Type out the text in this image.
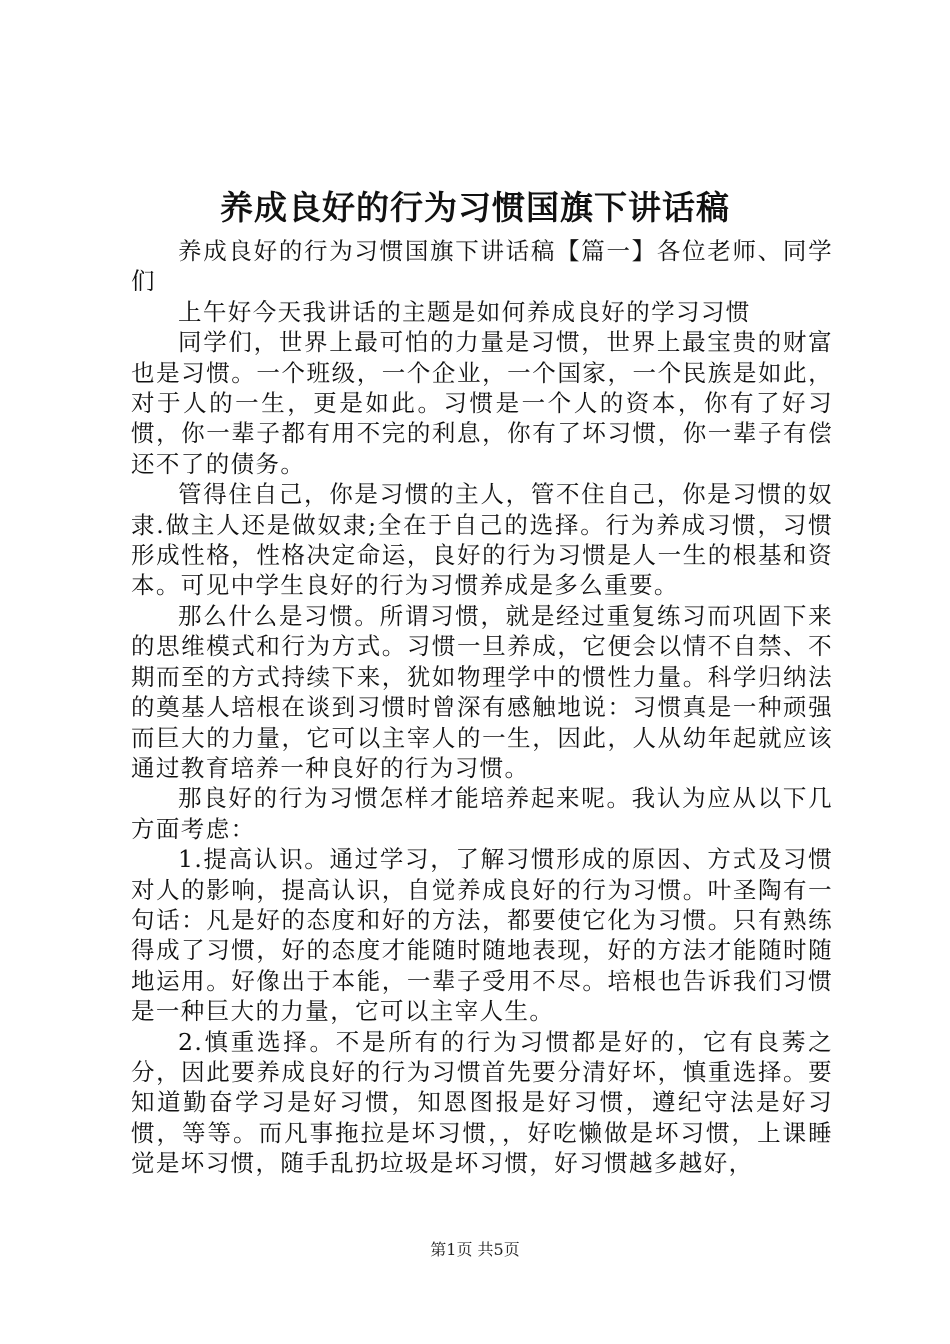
养成良好的行为习惯国旗下讲话稿

养成良好的行为习惯国旗下讲话稿【篇一】各位老师、同学们

上午好今天我讲话的主题是如何养成良好的学习习惯

同学们，世界上最可怕的力量是习惯，世界上最宝贵的财富也是习惯。一个班级，一个企业，一个国家，一个民族是如此，对于人的一生，更是如此。习惯是一个人的资本，你有了好习惯，你一辈子都有用不完的利息，你有了坏习惯，你一辈子有偿还不了的债务。

管得住自己，你是习惯的主人，管不住自己，你是习惯的奴隶.做主人还是做奴隶;全在于自己的选择。行为养成习惯，习惯形成性格，性格决定命运，良好的行为习惯是人一生的根基和资本。可见中学生良好的行为习惯养成是多么重要。

那么什么是习惯。所谓习惯，就是经过重复练习而巩固下来的思维模式和行为方式。习惯一旦养成，它便会以情不自禁、不期而至的方式持续下来，犹如物理学中的惯性力量。科学归纳法的奠基人培根在谈到习惯时曾深有感触地说：习惯真是一种顽强而巨大的力量，它可以主宰人的一生，因此，人从幼年起就应该通过教育培养一种良好的行为习惯。

那良好的行为习惯怎样才能培养起来呢。我认为应从以下几方面考虑：

1.提高认识。通过学习，了解习惯形成的原因、方式及习惯对人的影响，提高认识，自觉养成良好的行为习惯。叶圣陶有一句话：凡是好的态度和好的方法，都要使它化为习惯。只有熟练得成了习惯，好的态度才能随时随地表现，好的方法才能随时随地运用。好像出于本能，一辈子受用不尽。培根也告诉我们习惯是一种巨大的力量，它可以主宰人生。

2.慎重选择。不是所有的行为习惯都是好的，它有良莠之分，因此要养成良好的行为习惯首先要分清好坏，慎重选择。要知道勤奋学习是好习惯，知恩图报是好习惯，遵纪守法是好习惯，等等。而凡事拖拉是坏习惯，，好吃懒做是坏习惯，上课睡觉是坏习惯，随手乱扔垃圾是坏习惯，好习惯越多越好，

第1页 共5页
